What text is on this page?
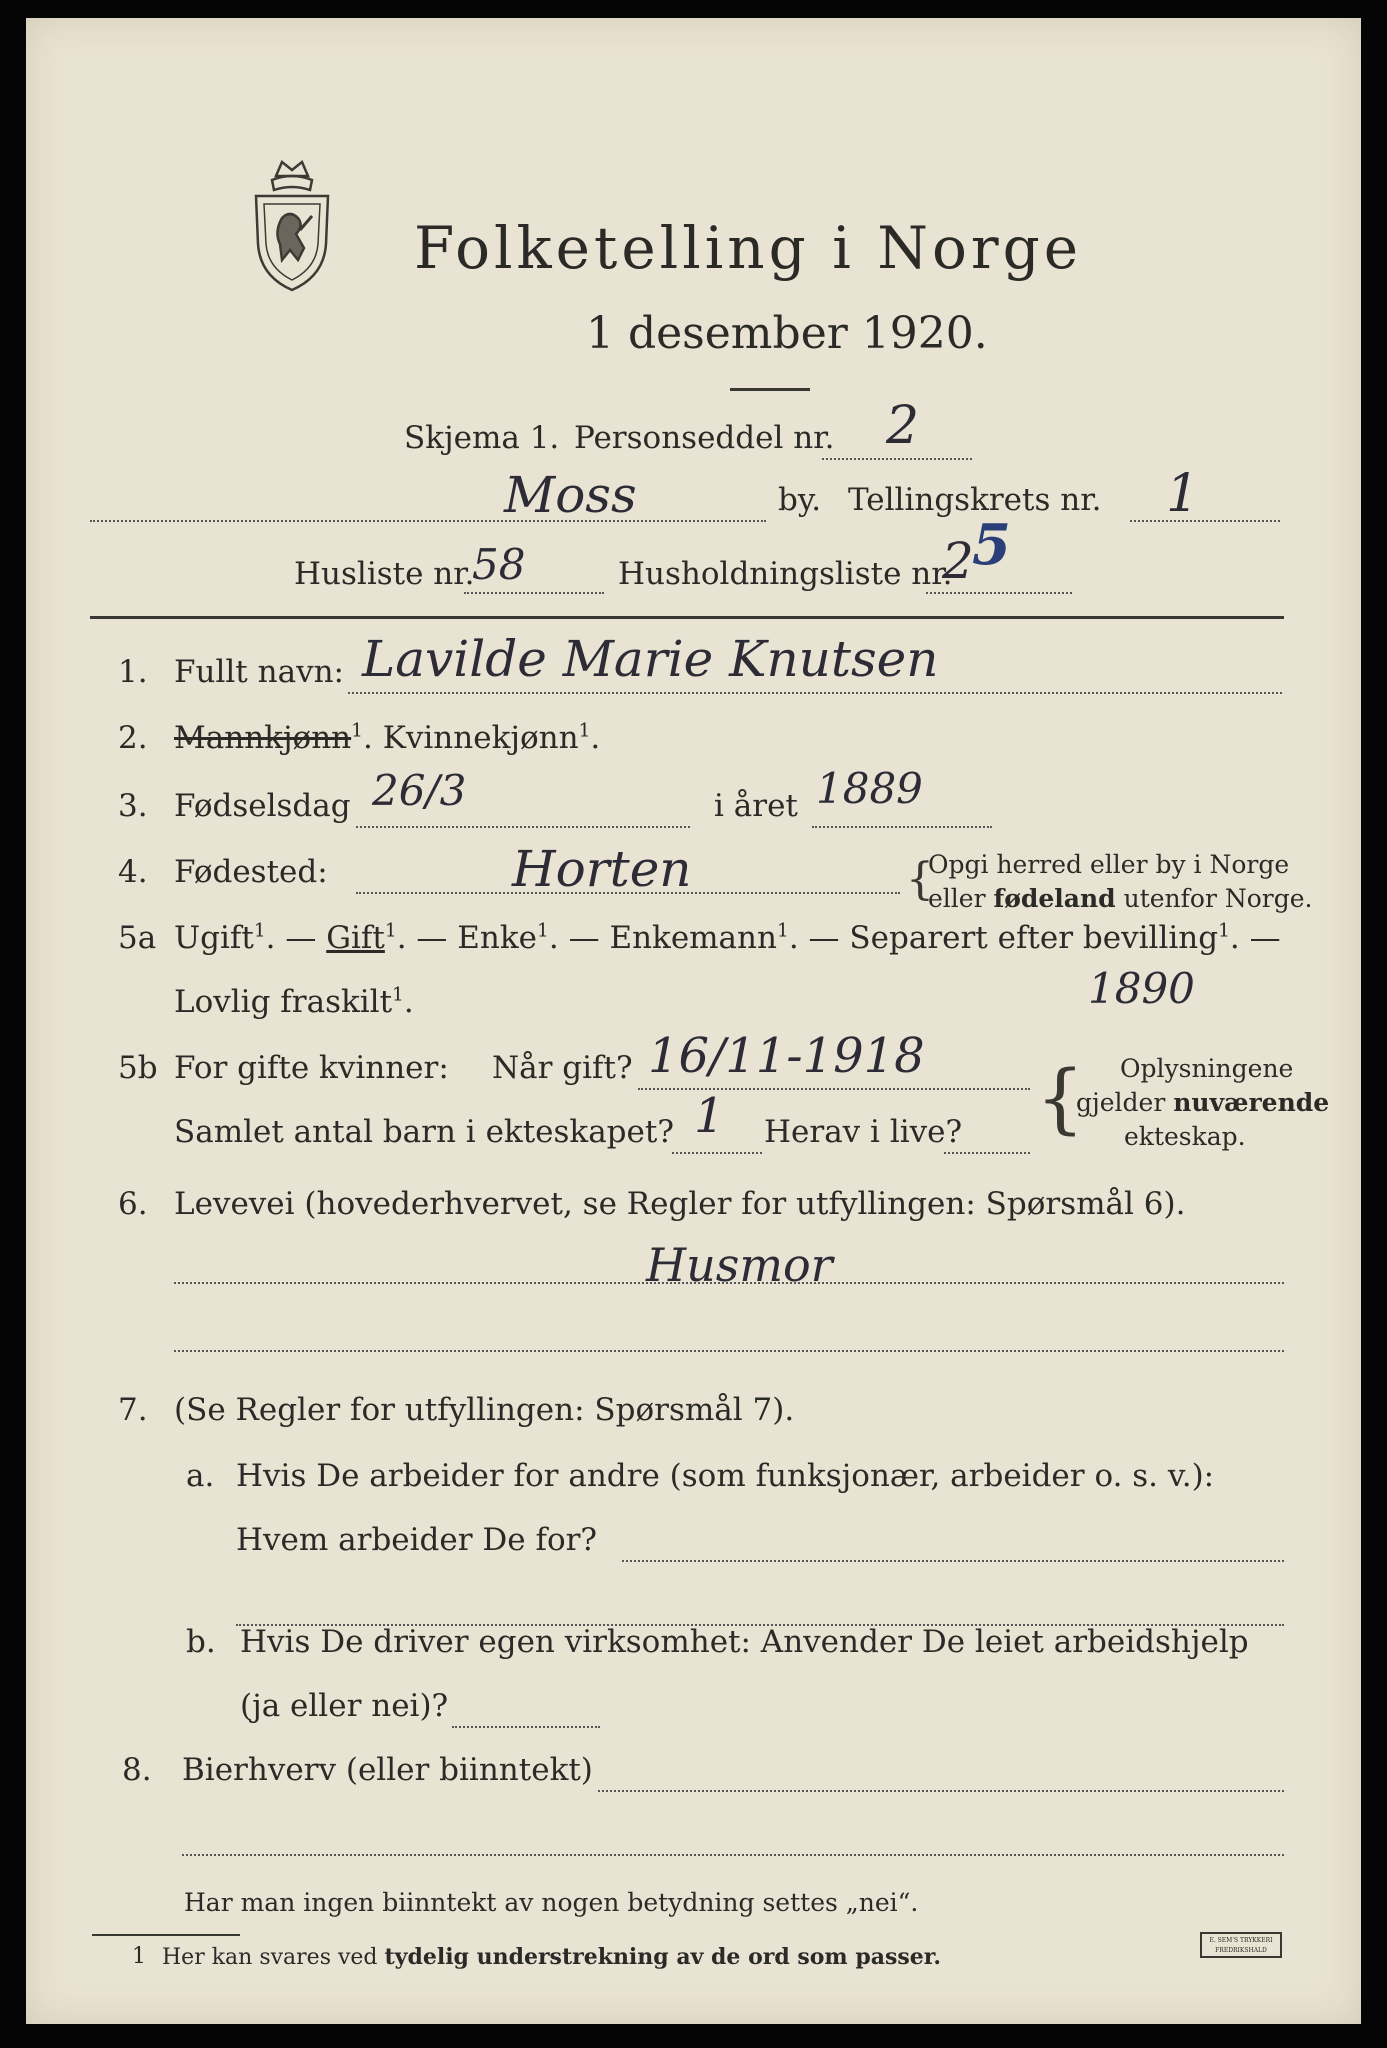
Folketelling i Norge
1 desember 1920.
Skjema 1. Personseddel nr. 2
Moss	by. Tellingskrets nr. 1
Husliste nr.
58	Husholdningsliste nr.
2
5
1. Fullt navn: Lavilde Marie Knutsen
2. Mannkjønn$^1$. Kvinnekjønn$^1$.
3. Fødselsdag 26/3	i året 1889
4. Fødested:	Horten	{
Opgi herred eller by i Norge
eller fødeland utenfor Norge.
5a Ugift$^1$. — Gift$^1$. — Enke$^1$. — Enkemann$^1$. — Separert efter bevilling$^1$. —
Lovlig fraskilt$^1$.	1890
5b For gifte kvinner: Når gift? 16/11-1918
Samlet antal barn i ekteskapet? 1 Herav i live? { Oplysningene
gjelder nuværende
ekteskap.
6. Levevei (hovederhvervet, se Regler for utfyllingen: Spørsmål 6).
Husmor
7. (Se Regler for utfyllingen: Spørsmål 7).
a. Hvis De arbeider for andre (som funksjonær, arbeider o. s. v.):
Hvem arbeider De for?
b. Hvis De driver egen virksomhet: Anvender De leiet arbeidshjelp
(ja eller nei)?
8. Bierhverv (eller biinntekt)
Har man ingen biinntekt av nogen betydning settes „nei“.
1 Her kan svares ved tydelig understrekning av de ord som passer.
E. SEM'S TRYKKERI
FREDRIKSHALD
